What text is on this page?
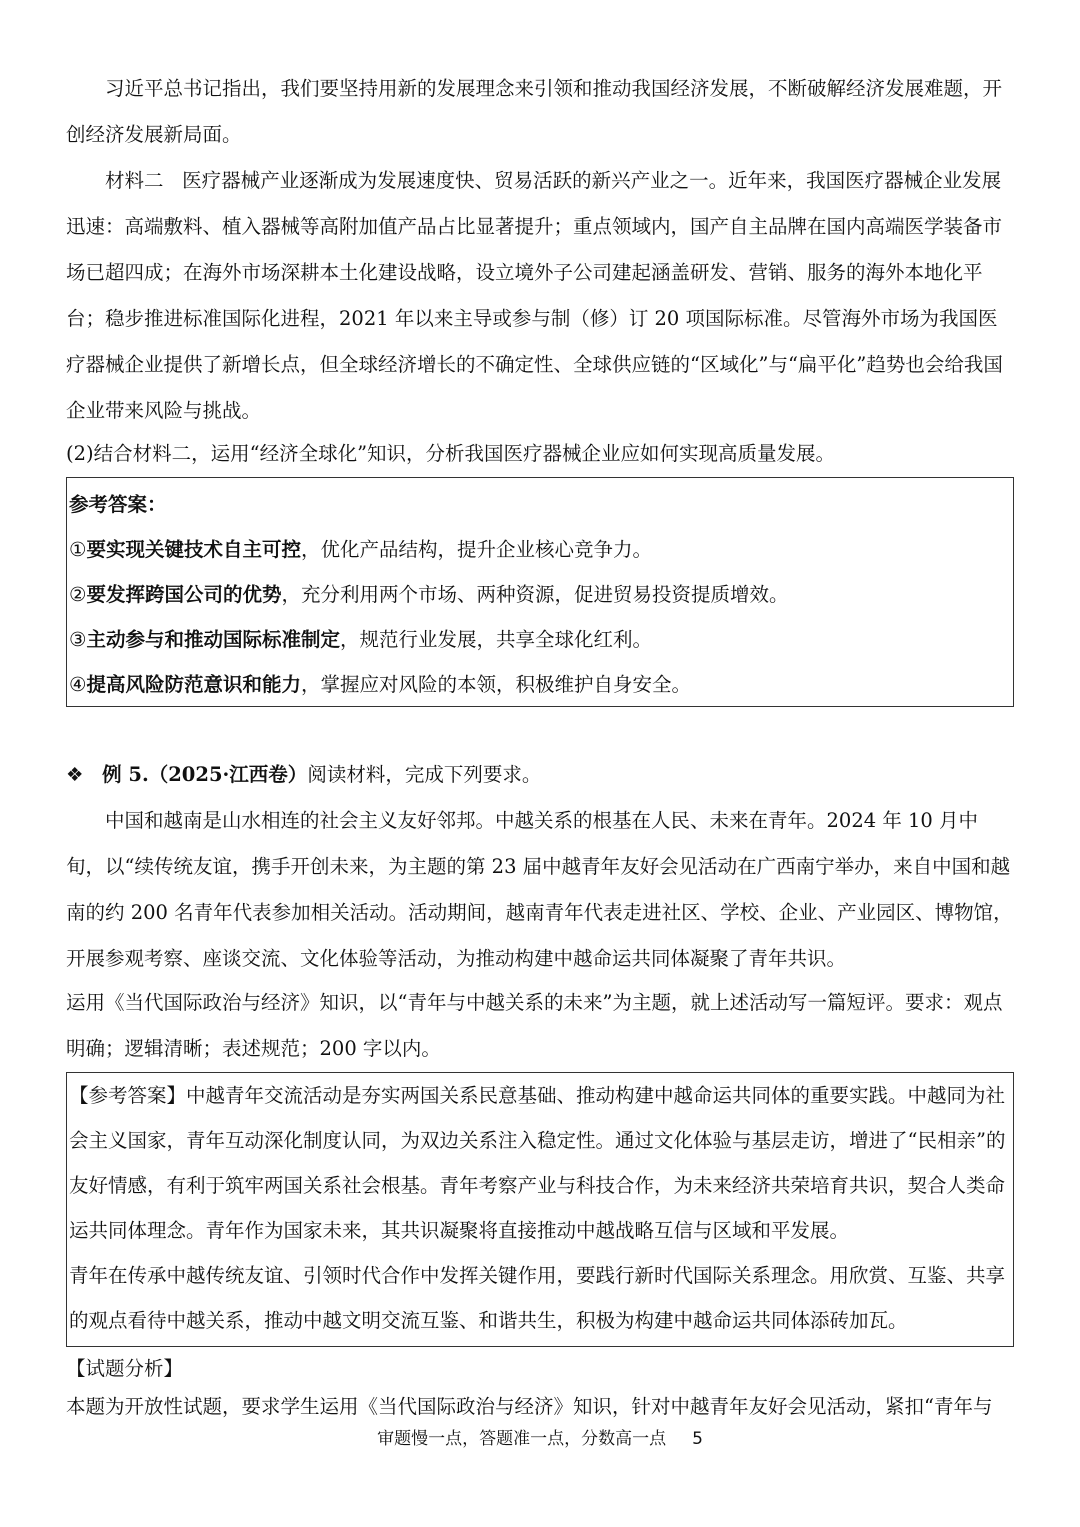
习近平总书记指出，我们要坚持用新的发展理念来引领和推动我国经济发展，不断破解经济发展难题，开创经济发展新局面。

材料二 医疗器械产业逐渐成为发展速度快、贸易活跃的新兴产业之一。近年来，我国医疗器械企业发展迅速：高端敷料、植入器械等高附加值产品占比显著提升；重点领域内，国产自主品牌在国内高端医学装备市场已超四成；在海外市场深耕本土化建设战略，设立境外子公司建起涵盖研发、营销、服务的海外本地化平台；稳步推进标准国际化进程，2021 年以来主导或参与制（修）订 20 项国际标准。尽管海外市场为我国医疗器械企业提供了新增长点，但全球经济增长的不确定性、全球供应链的“区域化”与“扁平化”趋势也会给我国企业带来风险与挑战。

(2)结合材料二，运用“经济全球化”知识，分析我国医疗器械企业应如何实现高质量发展。

参考答案：
①要实现关键技术自主可控，优化产品结构，提升企业核心竞争力。
②要发挥跨国公司的优势，充分利用两个市场、两种资源，促进贸易投资提质增效。
③主动参与和推动国际标准制定，规范行业发展，共享全球化红利。
④提高风险防范意识和能力，掌握应对风险的本领，积极维护自身安全。
❖ 例 5.（2025·江西卷）阅读材料，完成下列要求。

中国和越南是山水相连的社会主义友好邻邦。中越关系的根基在人民、未来在青年。2024 年 10 月中旬，以“续传统友谊，携手开创未来，为主题的第 23 届中越青年友好会见活动在广西南宁举办，来自中国和越南的约 200 名青年代表参加相关活动。活动期间，越南青年代表走进社区、学校、企业、产业园区、博物馆，开展参观考察、座谈交流、文化体验等活动，为推动构建中越命运共同体凝聚了青年共识。

运用《当代国际政治与经济》知识，以“青年与中越关系的未来”为主题，就上述活动写一篇短评。要求：观点明确；逻辑清晰；表述规范；200 字以内。

【参考答案】中越青年交流活动是夯实两国关系民意基础、推动构建中越命运共同体的重要实践。中越同为社会主义国家，青年互动深化制度认同，为双边关系注入稳定性。通过文化体验与基层走访，增进了“民相亲”的友好情感，有利于筑牢两国关系社会根基。青年考察产业与科技合作，为未来经济共荣培育共识，契合人类命运共同体理念。青年作为国家未来，其共识凝聚将直接推动中越战略互信与区域和平发展。

青年在传承中越传统友谊、引领时代合作中发挥关键作用，要践行新时代国际关系理念。用欣赏、互鉴、共享的观点看待中越关系，推动中越文明交流互鉴、和谐共生，积极为构建中越命运共同体添砖加瓦。

【试题分析】
本题为开放性试题，要求学生运用《当代国际政治与经济》知识，针对中越青年友好会见活动，紧扣“青年与
审题慢一点，答题准一点，分数高一点 5
